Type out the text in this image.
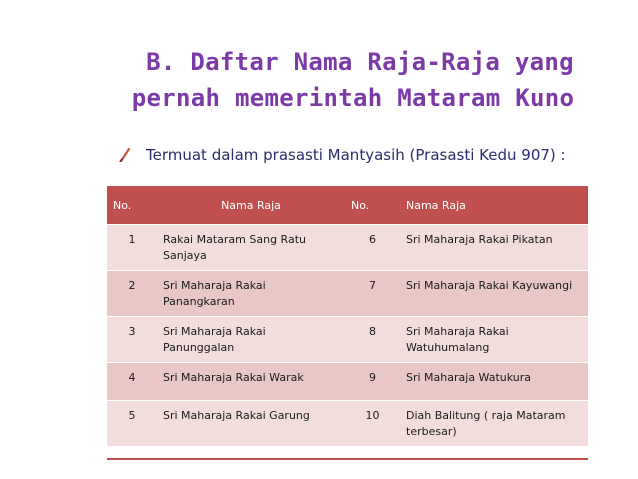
B. Daftar Nama Raja-Raja yang
pernah memerintah Mataram Kuno
Termuat dalam prasasti Mantyasih (Prasasti Kedu 907) :
No.	Nama Raja	No.	Nama Raja
1	Rakai Mataram Sang Ratu Sanjaya	6	Sri Maharaja Rakai Pikatan
2	Sri Maharaja Rakai Panangkaran	7	Sri Maharaja Rakai Kayuwangi
3	Sri Maharaja Rakai Panunggalan	8	Sri Maharaja Rakai Watuhumalang
4	Sri Maharaja Rakai Warak	9	Sri Maharaja Watukura
5	Sri Maharaja Rakai Garung	10	Diah Balitung ( raja Mataram terbesar)
